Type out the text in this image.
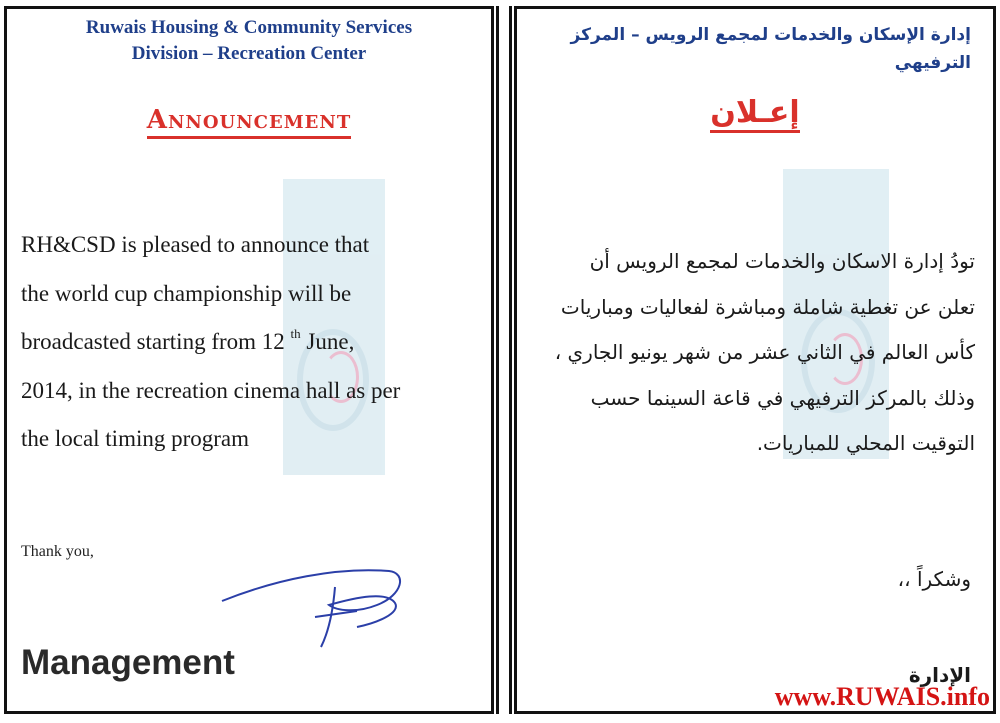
Ruwais Housing & Community Services
Division – Recreation Center
Announcement
RH&CSD is pleased to announce that
the world cup championship will be
broadcasted starting from 12 $^{th}$ June,
2014, in the recreation cinema hall as per
the local timing program
Thank you,
Management
إدارة الإسكان والخدمات لمجمع الرويس – المركز
الترفيهي
إعـلان
تودُ إدارة الاسكان والخدمات لمجمع الرويس أن
تعلن عن تغطية شاملة ومباشرة لفعاليات ومباريات
كأس العالم في الثاني عشر من شهر يونيو الجاري ،
وذلك بالمركز الترفيهي في قاعة السينما حسب
التوقيت المحلي للمباريات.
وشكراً ،،
الإدارة
www.RUWAIS.info
